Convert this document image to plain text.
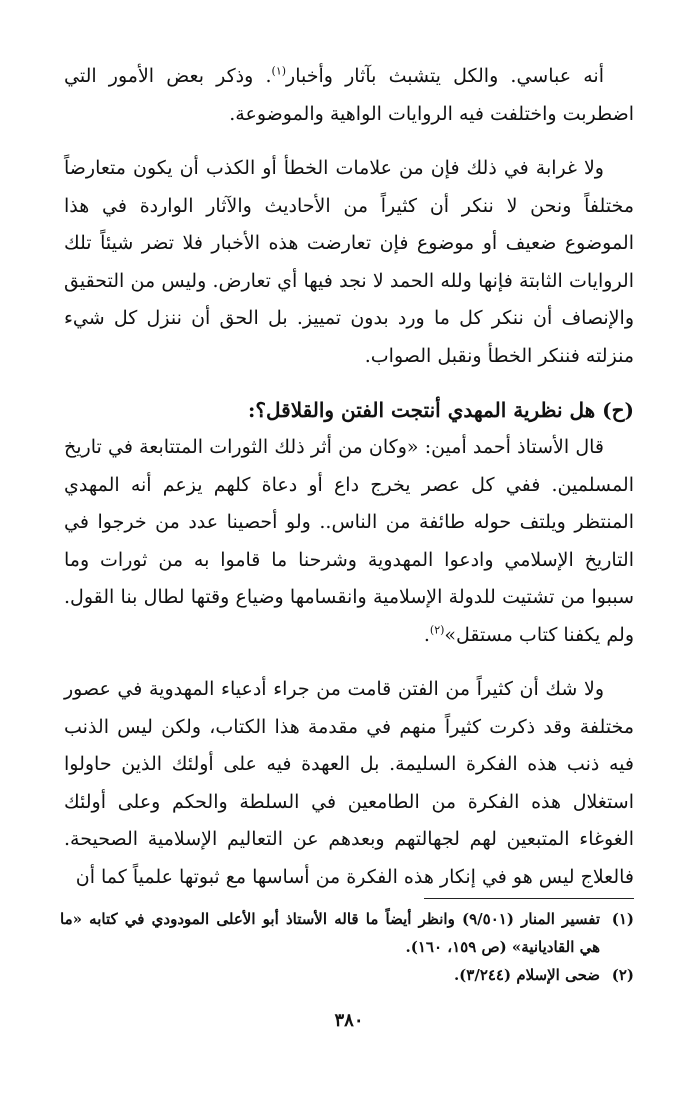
أنه عباسي. والكل يتشبث بآثار وأخبار$^{(١)}$. وذكر بعض الأمور التي اضطربت واختلفت فيه الروايات الواهية والموضوعة.

ولا غرابة في ذلك فإن من علامات الخطأ أو الكذب أن يكون متعارضاً مختلفاً ونحن لا ننكر أن كثيراً من الأحاديث والآثار الواردة في هذا الموضوع ضعيف أو موضوع فإن تعارضت هذه الأخبار فلا تضر شيئاً تلك الروايات الثابتة فإنها ولله الحمد لا نجد فيها أي تعارض. وليس من التحقيق والإنصاف أن ننكر كل ما ورد بدون تمييز. بل الحق أن ننزل كل شيء منزلته فننكر الخطأ ونقبل الصواب.

(ح) هل نظرية المهدي أنتجت الفتن والقلاقل؟:

قال الأستاذ أحمد أمين: «وكان من أثر ذلك الثورات المتتابعة في تاريخ المسلمين. ففي كل عصر يخرج داع أو دعاة كلهم يزعم أنه المهدي المنتظر ويلتف حوله طائفة من الناس.. ولو أحصينا عدد من خرجوا في التاريخ الإسلامي وادعوا المهدوية وشرحنا ما قاموا به من ثورات وما سببوا من تشتيت للدولة الإسلامية وانقسامها وضياع وقتها لطال بنا القول. ولم يكفنا كتاب مستقل»$^{(٢)}$.

ولا شك أن كثيراً من الفتن قامت من جراء أدعياء المهدوية في عصور مختلفة وقد ذكرت كثيراً منهم في مقدمة هذا الكتاب، ولكن ليس الذنب فيه ذنب هذه الفكرة السليمة. بل العهدة فيه على أولئك الذين حاولوا استغلال هذه الفكرة من الطامعين في السلطة والحكم وعلى أولئك الغوغاء المتبعين لهم لجهالتهم وبعدهم عن التعاليم الإسلامية الصحيحة. فالعلاج ليس هو في إنكار هذه الفكرة من أساسها مع ثبوتها علمياً كما أن

(١)
تفسير المنار (٩/٥٠١) وانظر أيضاً ما قاله الأستاذ أبو الأعلى المودودي في كتابه «ما هي القاديانية» (ص ١٥٩، ١٦٠).

(٢)
ضحى الإسلام (٣/٢٤٤).

٣٨٠
